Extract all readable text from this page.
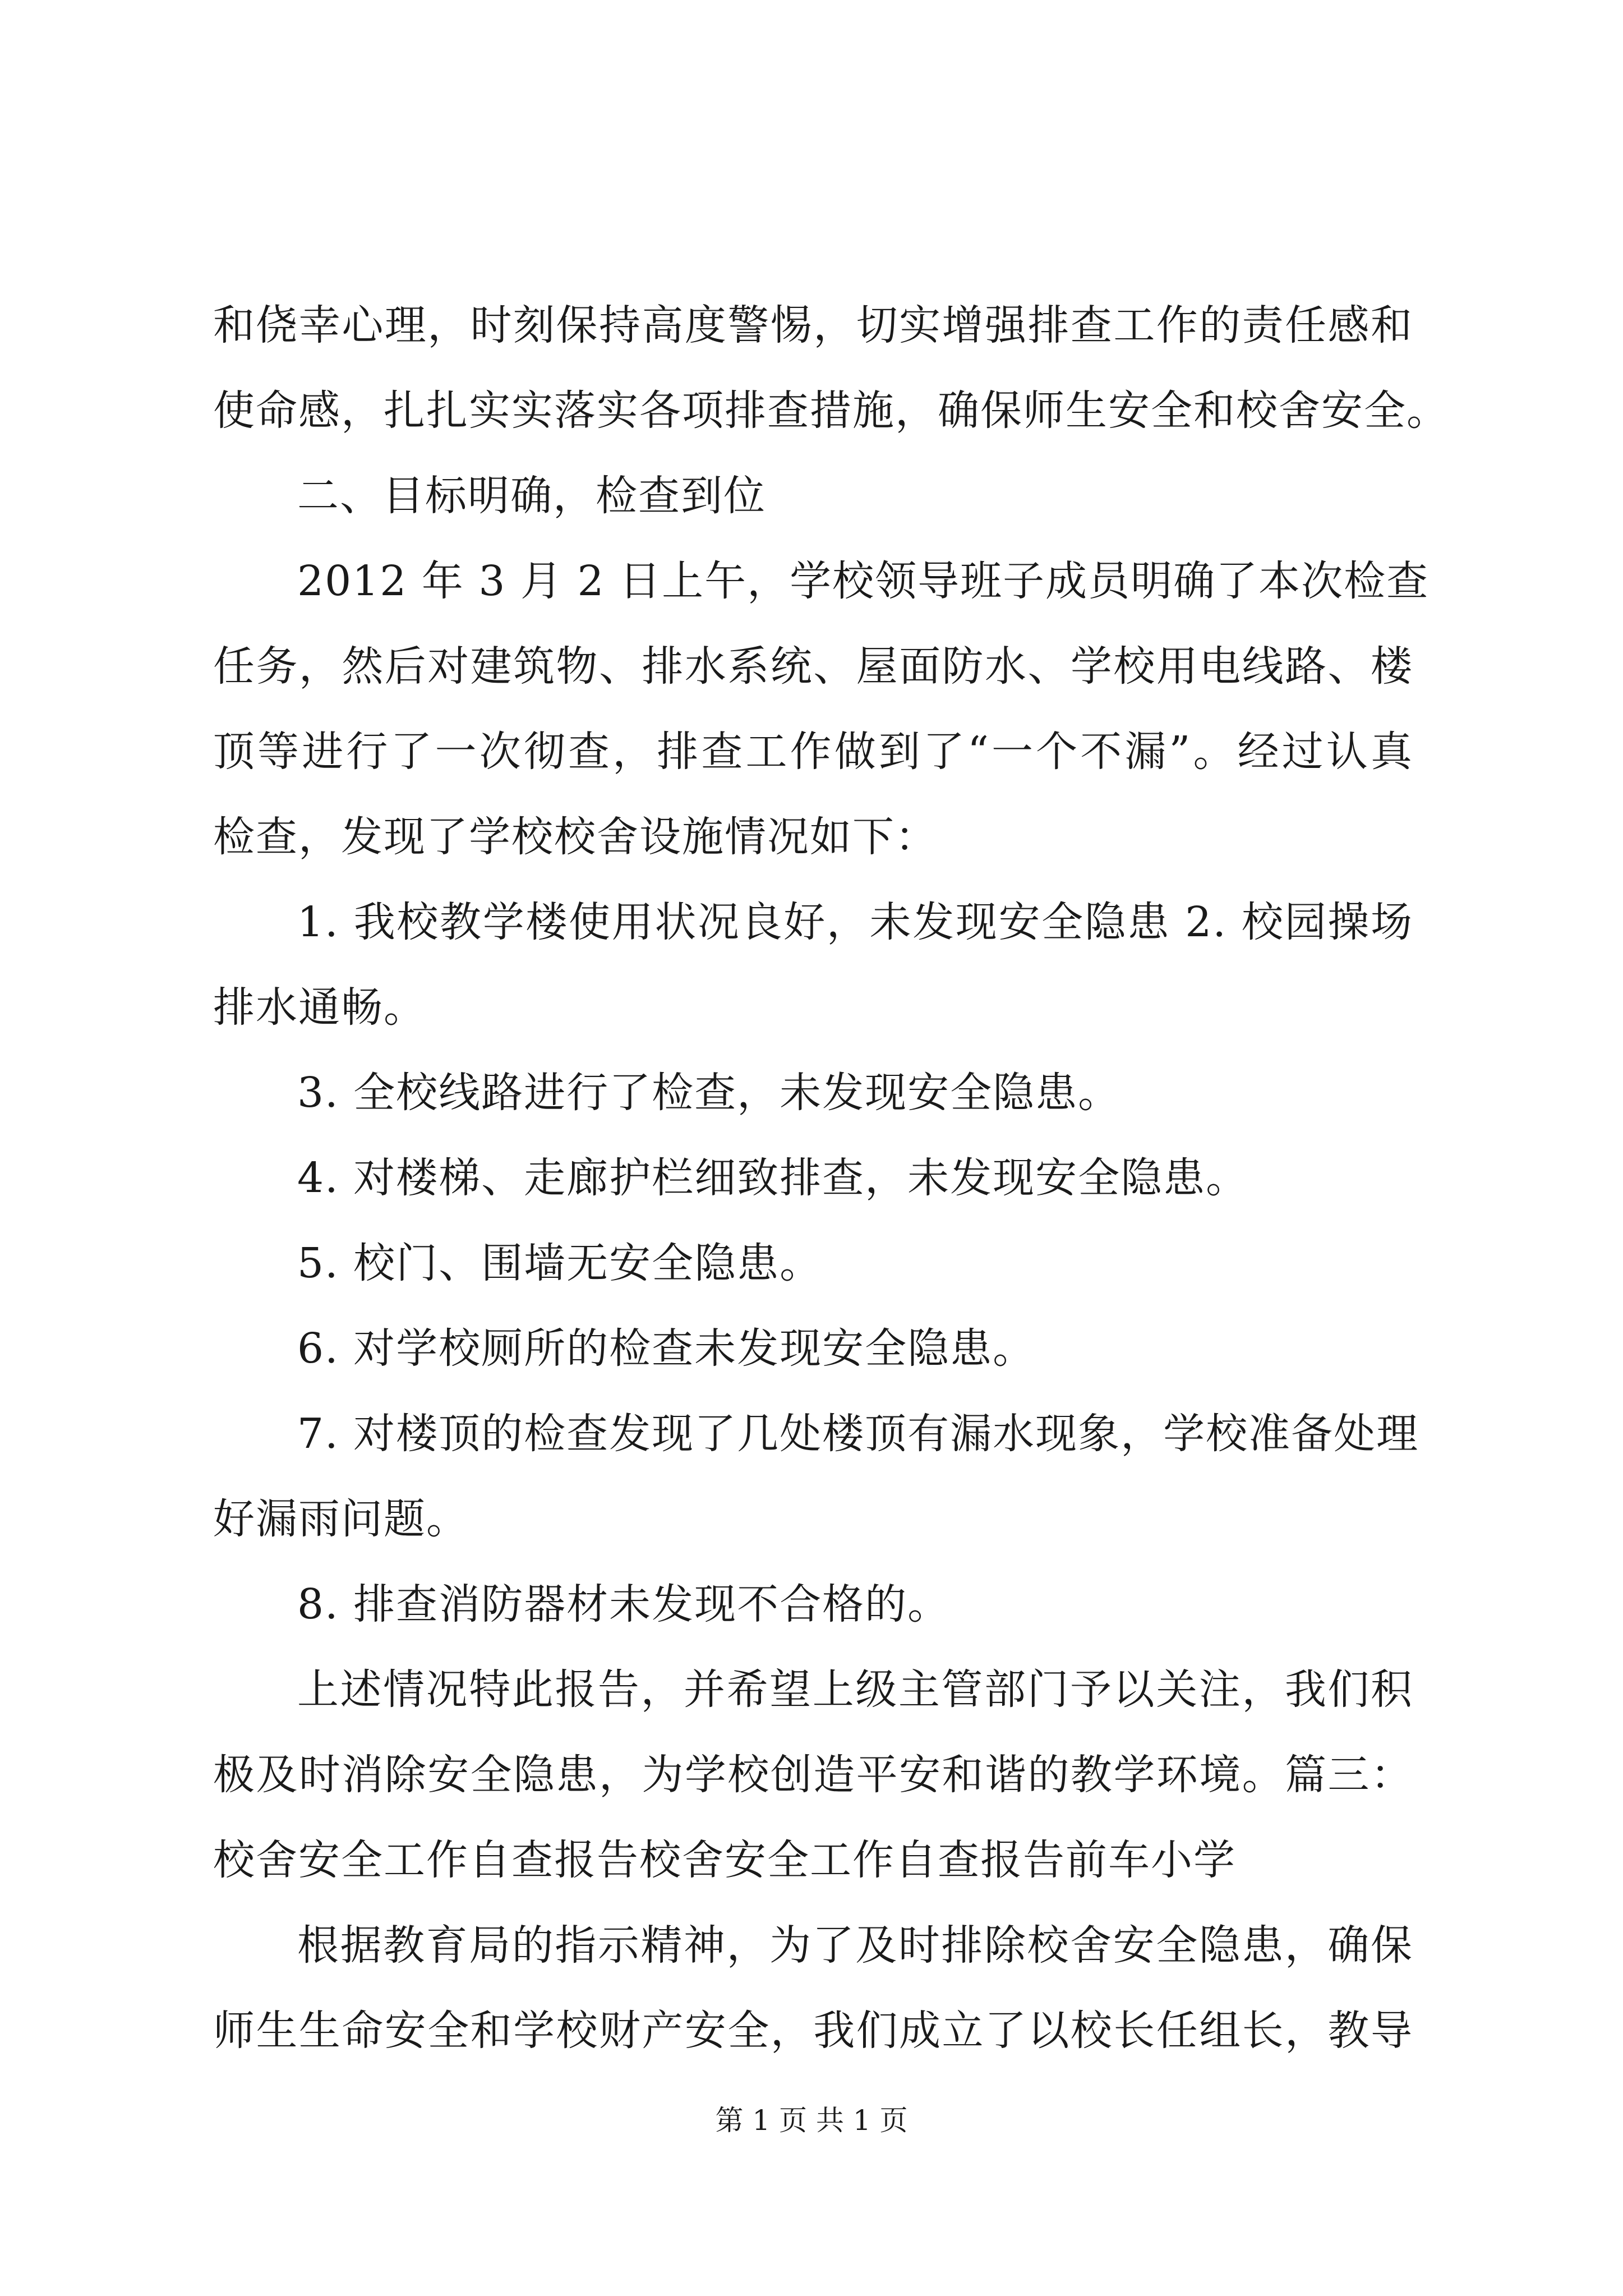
和侥幸心理，时刻保持高度警惕，切实增强排查工作的责任感和
使命感，扎扎实实落实各项排查措施，确保师生安全和校舍安全。
二、目标明确，检查到位
2012 年 3 月 2 日上午，学校领导班子成员明确了本次检查
任务，然后对建筑物、排水系统、屋面防水、学校用电线路、楼
顶等进行了一次彻查，排查工作做到了“一个不漏”。经过认真
检查，发现了学校校舍设施情况如下：
1. 我校教学楼使用状况良好，未发现安全隐患 2. 校园操场
排水通畅。
3. 全校线路进行了检查，未发现安全隐患。
4. 对楼梯、走廊护栏细致排查，未发现安全隐患。
5. 校门、围墙无安全隐患。
6. 对学校厕所的检查未发现安全隐患。
7. 对楼顶的检查发现了几处楼顶有漏水现象，学校准备处理
好漏雨问题。
8. 排查消防器材未发现不合格的。
上述情况特此报告，并希望上级主管部门予以关注，我们积
极及时消除安全隐患，为学校创造平安和谐的教学环境。篇三：
校舍安全工作自查报告校舍安全工作自查报告前车小学
根据教育局的指示精神，为了及时排除校舍安全隐患，确保
师生生命安全和学校财产安全，我们成立了以校长任组长，教导
第 1 页 共 1 页
